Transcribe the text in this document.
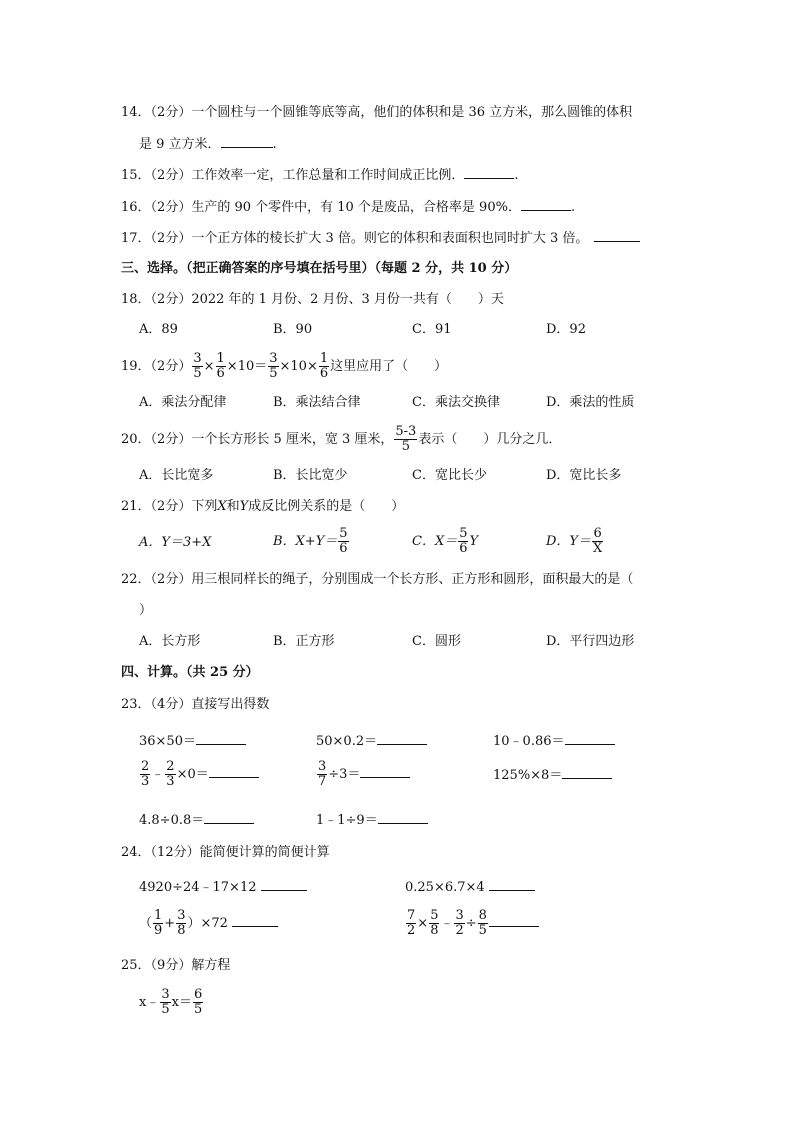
14．（2分）一个圆柱与一个圆锥等底等高，他们的体积和是 36 立方米，那么圆锥的体积
是 9 立方米．	.
15．（2分）工作效率一定，工作总量和工作时间成正比例．	.
16．（2分）生产的 90 个零件中，有 10 个是废品，合格率是 90%．	.
17．（2分）一个正方体的棱长扩大 3 倍。则它的体积和表面积也同时扩大 3 倍。
三、选择。（把正确答案的序号填在括号里）（每题 2 分，共 10 分）
18．（2分）2022 年的 1 月份、2 月份、3 月份一共有（　　）天
A．89	B．90	C．91	D．92
19．（2分） $\frac{3}{5} \times \frac{1}{6} \times 10= \frac{3}{5} \times 10\times \frac{1}{6}$ 这里应用了（　　）
A．乘法分配律	B．乘法结合律	C．乘法交换律	D．乘法的性质
20．（2分）一个长方形长 5 厘米，宽 3 厘米， $\frac{5-3}{5}$ 表示（　　）几分之几．
A．长比宽多	B．长比宽少	C．宽比长少	D．宽比长多
21．（2分）下列X和Y成反比例关系的是（　　）
A．Y＝3+X	B．$X+Y= \frac{5}{6}$	C．$X= \frac{5}{6}$ Y	D．$Y= \frac{6}{X}$
22．（2分）用三根同样长的绳子，分别围成一个长方形、正方形和圆形，面积最大的是（
）
A．长方形	B．正方形	C．圆形	D．平行四边形
四、计算。（共 25 分）
23．（4分）直接写出得数
36×50＝	50×0.2＝	10﹣0.86＝
$\frac{2}{3}$ ﹣ $\frac{2}{3} \times 0=$	$\frac{3}{7} \div 3=$	125%×8＝
4.8÷0.8＝	1﹣1÷9＝
24．（12分）能简便计算的简便计算
4920÷24﹣17×12	0.25×6.7×4
（ $\frac{1}{9} + \frac{3}{8} )\times 72$	$\frac{7}{2} \times \frac{5}{8}$ ﹣ $\frac{3}{2} \div \frac{8}{5}$
25．（9分）解方程
x﹣ $\frac{3}{5} x= \frac{6}{5}$
